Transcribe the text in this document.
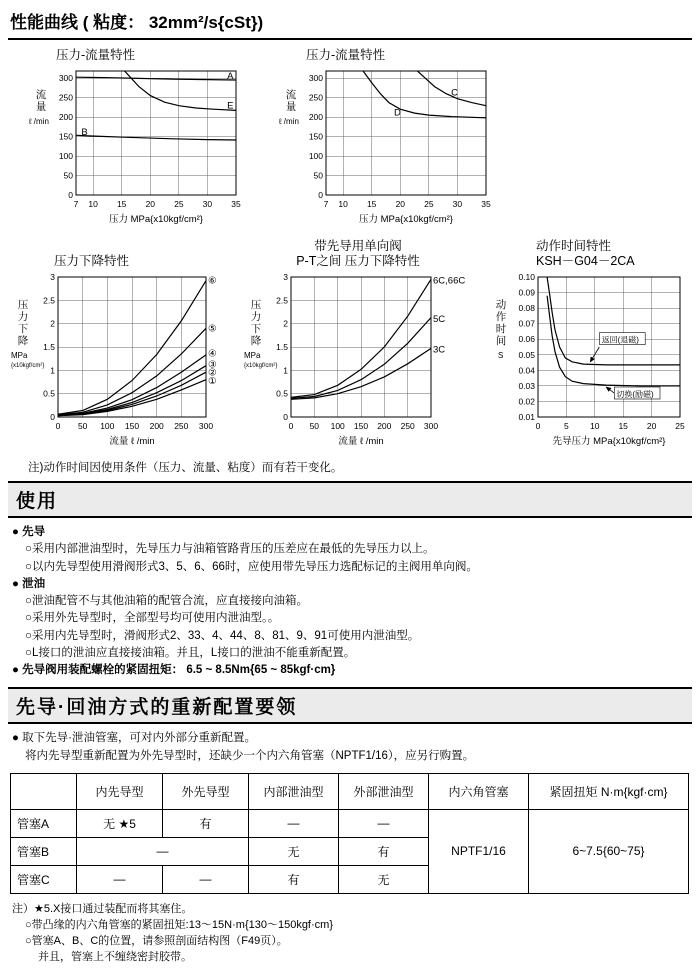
性能曲线 ( 粘度： 32mm²/s{cSt})
压力-流量特性
0
50
100
150
200
250
300
7 10 15 20 25 30 35
压力 MPa{x10kgf/cm²}
流
量
ℓ /min
A
E
B
压力-流量特性
0
50
100
150
200
250
300
7 10 15 20 25 30 35
压力 MPa{x10kgf/cm²}
流
量
ℓ /min
C
D
压力下降特性
0
0.5
1
1.5
2
2.5
3
0 50 100 150 200 250 300
流量 ℓ /min
压
力
下
降
MPa
{x10kgf/cm²}
⑥
⑤
④
③
②
①
带先导用单向阀
P-T之间 压力下降特性
0
0.5
1
1.5
2
2.5
3
0 50 100 150 200 250 300
流量 ℓ /min
压
力
下
降
MPa
{x10kgf/cm²}
6C,66C
5C
3C
动作时间特性
KSH－G04－2CA
0.01
0.02
0.03
0.04
0.05
0.06
0.07
0.08
0.09
0.10
0	5	10 15 20 25
先导压力 MPa{x10kgf/cm²}
动
作
时
间
S
返回(退磁)
切换(励磁)
注)动作时间因使用条件（压力、流量、粘度）而有若干变化。
使用
● 先导
○采用内部泄油型时，先导压力与油箱管路背压的压差应在最低的先导压力以上。
○以内先导型使用滑阀形式3、5、6、66时，应使用带先导压力选配标记的主阀用单向阀。
● 泄油
○泄油配管不与其他油箱的配管合流，应直接接向油箱。
○采用外先导型时，全部型号均可使用内泄油型。。
○采用内先导型时，滑阀形式2、33、4、44、8、81、9、91可使用内泄油型。
○L接口的泄油应直接接油箱。并且，L接口的泄油不能重新配置。
● 先导阀用装配螺栓的紧固扭矩： 6.5 ~ 8.5Nm{65 ~ 85kgf·cm}
先导·回油方式的重新配置要领
● 取下先导·泄油管塞，可对内外部分重新配置。
将内先导型重新配置为外先导型时，还缺少一个内六角管塞（NPTF1/16），应另行购置。
	内先导型	外先导型	内部泄油型	外部泄油型	内六角管塞	紧固扭矩 N·m{kgf·cm}
管塞A	无 ★5	有	—	—	NPTF1/16	6~7.5{60~75}
管塞B	—		无	有		
管塞C	—	—	有	无		
注）★5.X接口通过装配而将其塞住。
○带凸缘的内六角管塞的紧固扭矩:13～15N·m{130～150kgf·cm}
○管塞A、B、C的位置，请参照剖面结构图（F49页）。
并且，管塞上不缠绕密封胶带。
